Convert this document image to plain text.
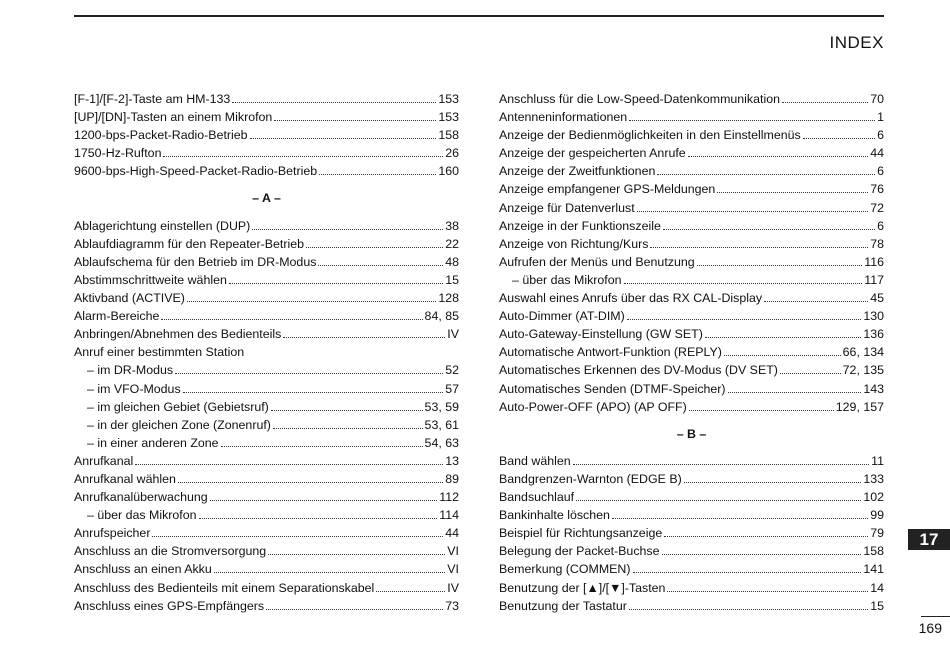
INDEX
[F-1]/[F-2]-Taste am HM-133	153
[UP]/[DN]-Tasten an einem Mikrofon	153
1200-bps-Packet-Radio-Betrieb	158
1750-Hz-Rufton	26
9600-bps-High-Speed-Packet-Radio-Betrieb	160
– A –
Ablagerichtung einstellen (DUP)	38
Ablaufdiagramm für den Repeater-Betrieb	22
Ablaufschema für den Betrieb im DR-Modus	48
Abstimmschrittweite wählen	15
Aktivband (ACTIVE)	128
Alarm-Bereiche	84, 85
Anbringen/Abnehmen des Bedienteils	IV
Anruf einer bestimmten Station
– im DR-Modus	52
– im VFO-Modus	57
– im gleichen Gebiet (Gebietsruf)	53, 59
– in der gleichen Zone (Zonenruf)	53, 61
– in einer anderen Zone	54, 63
Anrufkanal	13
Anrufkanal wählen	89
Anrufkanalüberwachung	112
– über das Mikrofon	114
Anrufspeicher	44
Anschluss an die Stromversorgung	VI
Anschluss an einen Akku	VI
Anschluss des Bedienteils mit einem Separationskabel	IV
Anschluss eines GPS-Empfängers	73
Anschluss für die Low-Speed-Datenkommunikation	70
Antenneninformationen	1
Anzeige der Bedienmöglichkeiten in den Einstellmenüs	6
Anzeige der gespeicherten Anrufe	44
Anzeige der Zweitfunktionen	6
Anzeige empfangener GPS-Meldungen	76
Anzeige für Datenverlust	72
Anzeige in der Funktionszeile	6
Anzeige von Richtung/Kurs	78
Aufrufen der Menüs und Benutzung	116
– über das Mikrofon	117
Auswahl eines Anrufs über das RX CAL-Display	45
Auto-Dimmer (AT-DIM)	130
Auto-Gateway-Einstellung (GW SET)	136
Automatische Antwort-Funktion (REPLY)	66, 134
Automatisches Erkennen des DV-Modus (DV SET)	72, 135
Automatisches Senden (DTMF-Speicher)	143
Auto-Power-OFF (APO) (AP OFF)	129, 157
– B –
Band wählen	11
Bandgrenzen-Warnton (EDGE B)	133
Bandsuchlauf	102
Bankinhalte löschen	99
Beispiel für Richtungsanzeige	79
Belegung der Packet-Buchse	158
Bemerkung (COMMEN)	141
Benutzung der [▲]/[▼]-Tasten	14
Benutzung der Tastatur	15
17
169
